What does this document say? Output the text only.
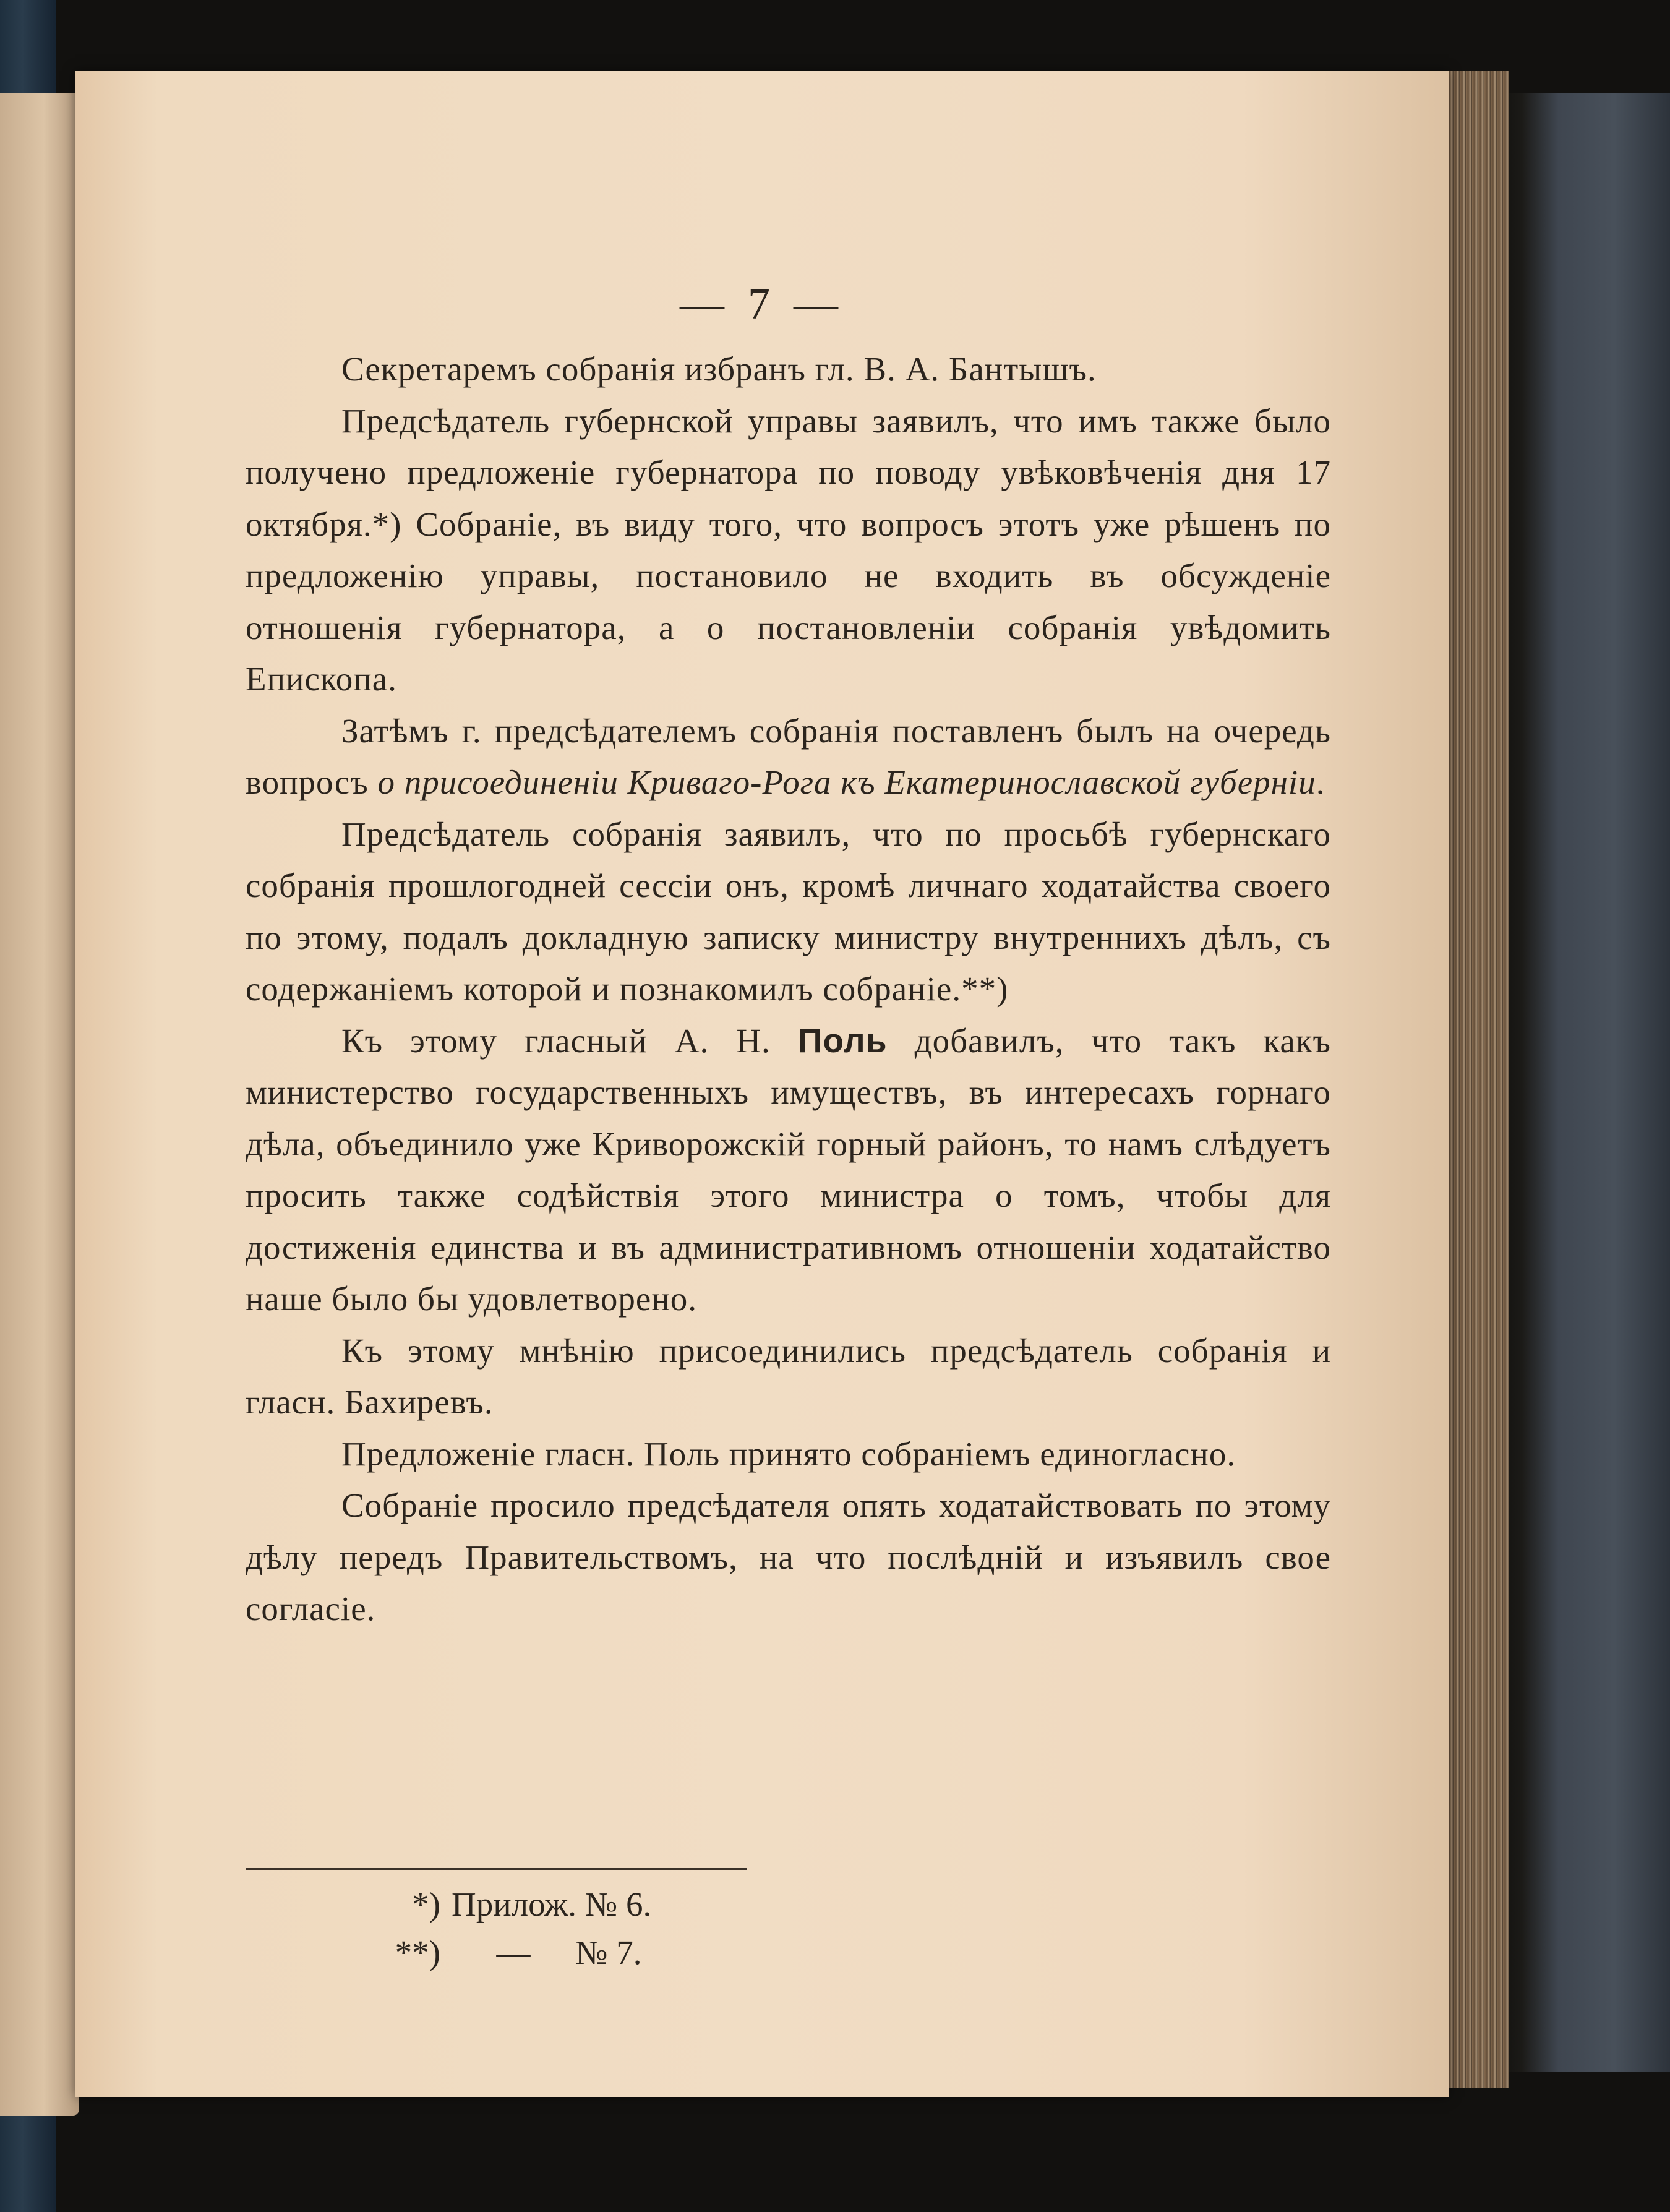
— 7 —

Секретаремъ собранія избранъ гл. В. А. Бантышъ.

Предсѣдатель губернской управы заявилъ, что имъ также было получено предложеніе губернатора по поводу увѣковѣченія дня 17 октября.*) Собраніе, въ виду того, что вопросъ этотъ уже рѣшенъ по предложенію управы, постановило не входить въ обсужденіе отношенія губернатора, а о постановленіи собранія увѣдомить Епископа.

Затѣмъ г. предсѣдателемъ собранія поставленъ былъ на очередь вопросъ о присоединеніи Криваго-Рога къ Екатеринославской губерніи.

Предсѣдатель собранія заявилъ, что по просьбѣ губернскаго собранія прошлогодней сессіи онъ, кромѣ личнаго ходатайства своего по этому, подалъ докладную записку министру внутреннихъ дѣлъ, съ содержаніемъ которой и познакомилъ собраніе.**)

Къ этому гласный А. Н. Поль добавилъ, что такъ какъ министерство государственныхъ имуществъ, въ интересахъ горнаго дѣла, объединило уже Криворожскій горный районъ, то намъ слѣдуетъ просить также содѣйствія этого министра о томъ, чтобы для достиженія единства и въ административномъ отношеніи ходатайство наше было бы удовлетворено.

Къ этому мнѣнію присоединились предсѣдатель собранія и гласн. Бахиревъ.

Предложеніе гласн. Поль принято собраніемъ единогласно.

Собраніе просило предсѣдателя опять ходатайствовать по этому дѣлу передъ Правительствомъ, на что послѣдній и изъявилъ свое согласіе.

*) Прилож. № 6.
**)	—	№ 7.
